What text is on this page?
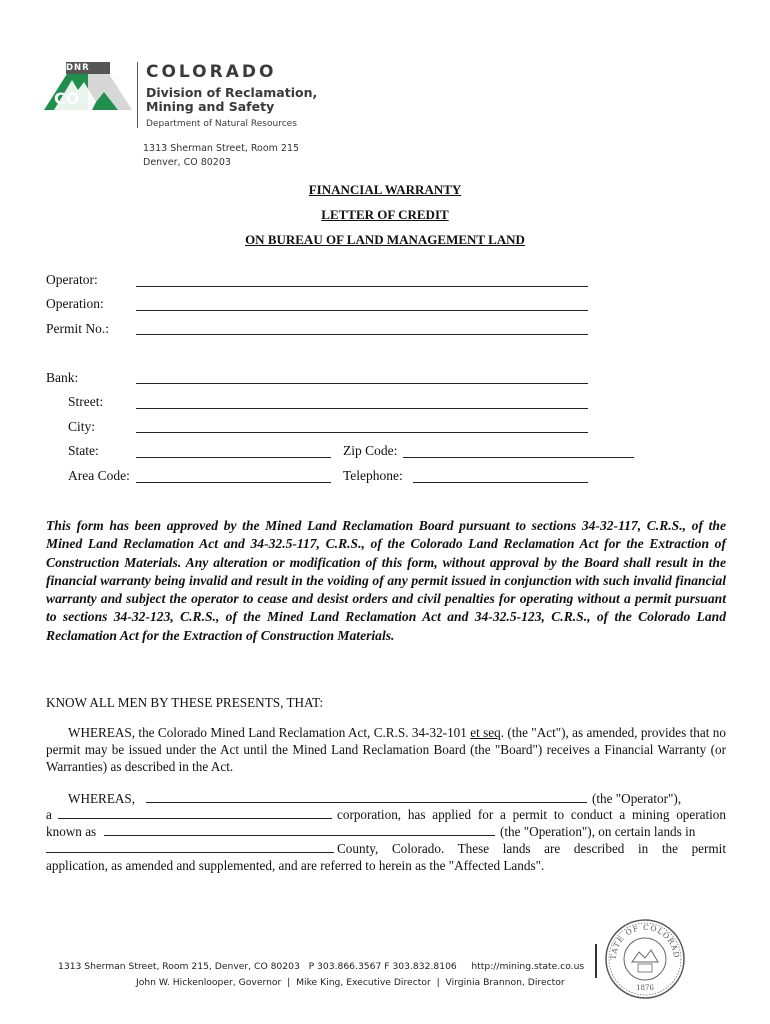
DNR
CO
COLORADO
Division of Reclamation,
Mining and Safety
Department of Natural Resources
1313 Sherman Street, Room 215
Denver, CO 80203
FINANCIAL WARRANTY
LETTER OF CREDIT
ON BUREAU OF LAND MANAGEMENT LAND
Operator:
Operation:
Permit No.:
Bank:
Street:
City:
State:	Zip Code:
Area Code:	Telephone:
This form has been approved by the Mined Land Reclamation Board pursuant to sections 34-32-117, C.R.S., of the Mined Land Reclamation Act and 34-32.5-117, C.R.S., of the Colorado Land Reclamation Act for the Extraction of Construction Materials. Any alteration or modification of this form, without approval by the Board shall result in the financial warranty being invalid and result in the voiding of any permit issued in conjunction with such invalid financial warranty and subject the operator to cease and desist orders and civil penalties for operating without a permit pursuant to sections 34-32-123, C.R.S., of the Mined Land Reclamation Act and 34-32.5-123, C.R.S., of the Colorado Land Reclamation Act for the Extraction of Construction Materials.
KNOW ALL MEN BY THESE PRESENTS, THAT:
WHEREAS, the Colorado Mined Land Reclamation Act, C.R.S. 34-32-101 et seq. (the "Act"), as amended, provides that no permit may be issued under the Act until the Mined Land Reclamation Board (the "Board") receives a Financial Warranty (or Warranties) as described in the Act.
WHEREAS,	(the "Operator"),
a	corporation, has applied for a permit to conduct a mining operation
known as	(the "Operation"), on certain lands in
County, Colorado. These lands are described in the permit
application, as amended and supplemented, and are referred to herein as the "Affected Lands".
1313 Sherman Street, Room 215, Denver, CO 80203   P 303.866.3567 F 303.832.8106     http://mining.state.co.us
John W. Hickenlooper, Governor  |  Mike King, Executive Director  |  Virginia Brannon, Director
TATE OF COLORAD
1876
